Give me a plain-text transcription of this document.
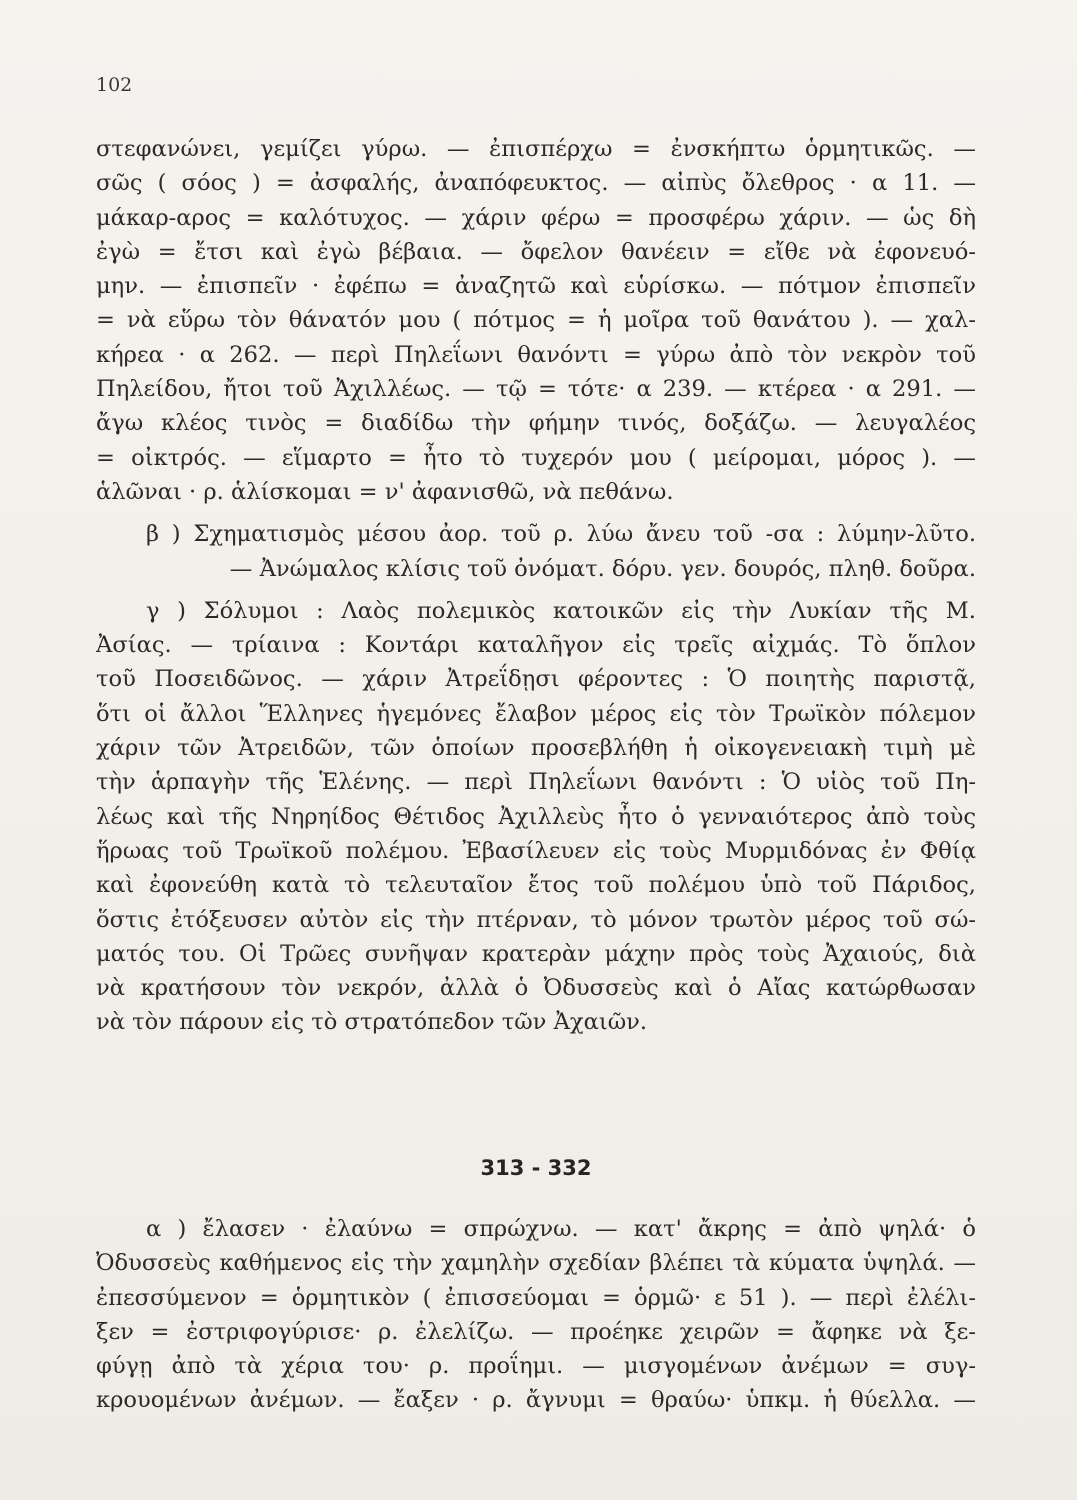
102
στεφανώνει, γεμίζει γύρω. — ἐπισπέρχω = ἐνσκήπτω ὁρμητικῶς. —
σῶς ( σόος ) = ἀσφαλής, ἀναπόφευκτος. — αἰπὺς ὄλεθρος · α 11. —
μάκαρ-αρος = καλότυχος. — χάριν φέρω = προσφέρω χάριν. — ὡς δὴ
ἐγὼ = ἔτσι καὶ ἐγὼ βέβαια. — ὄφελον θανέειν = εἴθε νὰ ἐφονευό-
μην. — ἐπισπεῖν · ἐφέπω = ἀναζητῶ καὶ εὑρίσκω. — πότμον ἐπισπεῖν
= νὰ εὕρω τὸν θάνατόν μου ( πότμος = ἡ μοῖρα τοῦ θανάτου ). — χαλ-
κήρεα · α 262. — περὶ Πηλεΐωνι θανόντι = γύρω ἀπὸ τὸν νεκρὸν τοῦ
Πηλείδου, ἤτοι τοῦ Ἀχιλλέως. — τῷ = τότε· α 239. — κτέρεα · α 291. —
ἄγω κλέος τινὸς = διαδίδω τὴν φήμην τινός, δοξάζω. — λευγαλέος
= οἰκτρός. — εἵμαρτο = ἦτο τὸ τυχερόν μου ( μείρομαι, μόρος ). —
ἁλῶναι · ρ. ἁλίσκομαι = ν' ἀφανισθῶ, νὰ πεθάνω.
β ) Σχηματισμὸς μέσου ἀορ. τοῦ ρ. λύω ἄνευ τοῦ -σα : λύμην-λῦτο.
— Ἀνώμαλος κλίσις τοῦ ὀνόματ. δόρυ. γεν. δουρός, πληθ. δοῦρα.
γ ) Σόλυμοι : Λαὸς πολεμικὸς κατοικῶν εἰς τὴν Λυκίαν τῆς Μ.
Ἀσίας. — τρίαινα : Κοντάρι καταλῆγον εἰς τρεῖς αἰχμάς. Τὸ ὅπλον
τοῦ Ποσειδῶνος. — χάριν Ἀτρεΐδῃσι φέροντες : Ὁ ποιητὴς παριστᾷ,
ὅτι οἱ ἄλλοι Ἕλληνες ἡγεμόνες ἔλαβον μέρος εἰς τὸν Τρωϊκὸν πόλεμον
χάριν τῶν Ἀτρειδῶν, τῶν ὁποίων προσεβλήθη ἡ οἰκογενειακὴ τιμὴ μὲ
τὴν ἁρπαγὴν τῆς Ἑλένης. — περὶ Πηλεΐωνι θανόντι : Ὁ υἱὸς τοῦ Πη-
λέως καὶ τῆς Νηρηίδος Θέτιδος Ἀχιλλεὺς ἦτο ὁ γενναιότερος ἀπὸ τοὺς
ἥρωας τοῦ Τρωϊκοῦ πολέμου. Ἐβασίλευεν εἰς τοὺς Μυρμιδόνας ἐν Φθίᾳ
καὶ ἐφονεύθη κατὰ τὸ τελευταῖον ἔτος τοῦ πολέμου ὑπὸ τοῦ Πάριδος,
ὅστις ἐτόξευσεν αὐτὸν εἰς τὴν πτέρναν, τὸ μόνον τρωτὸν μέρος τοῦ σώ-
ματός του. Οἱ Τρῶες συνῆψαν κρατερὰν μάχην πρὸς τοὺς Ἀχαιούς, διὰ
νὰ κρατήσουν τὸν νεκρόν, ἀλλὰ ὁ Ὀδυσσεὺς καὶ ὁ Αἴας κατώρθωσαν
νὰ τὸν πάρουν εἰς τὸ στρατόπεδον τῶν Ἀχαιῶν.
313 - 332
α ) ἔλασεν · ἐλαύνω = σπρώχνω. — κατ' ἄκρης = ἀπὸ ψηλά· ὁ
Ὀδυσσεὺς καθήμενος εἰς τὴν χαμηλὴν σχεδίαν βλέπει τὰ κύματα ὑψηλά. —
ἐπεσσύμενον = ὁρμητικὸν ( ἐπισσεύομαι = ὁρμῶ· ε 51 ). — περὶ ἐλέλι-
ξεν = ἐστριφογύρισε· ρ. ἐλελίζω. — προέηκε χειρῶν = ἄφηκε νὰ ξε-
φύγῃ ἀπὸ τὰ χέρια του· ρ. προΐημι. — μισγομένων ἀνέμων = συγ-
κρουομένων ἀνέμων. — ἔαξεν · ρ. ἄγνυμι = θραύω· ὑπκμ. ἡ θύελλα. —
